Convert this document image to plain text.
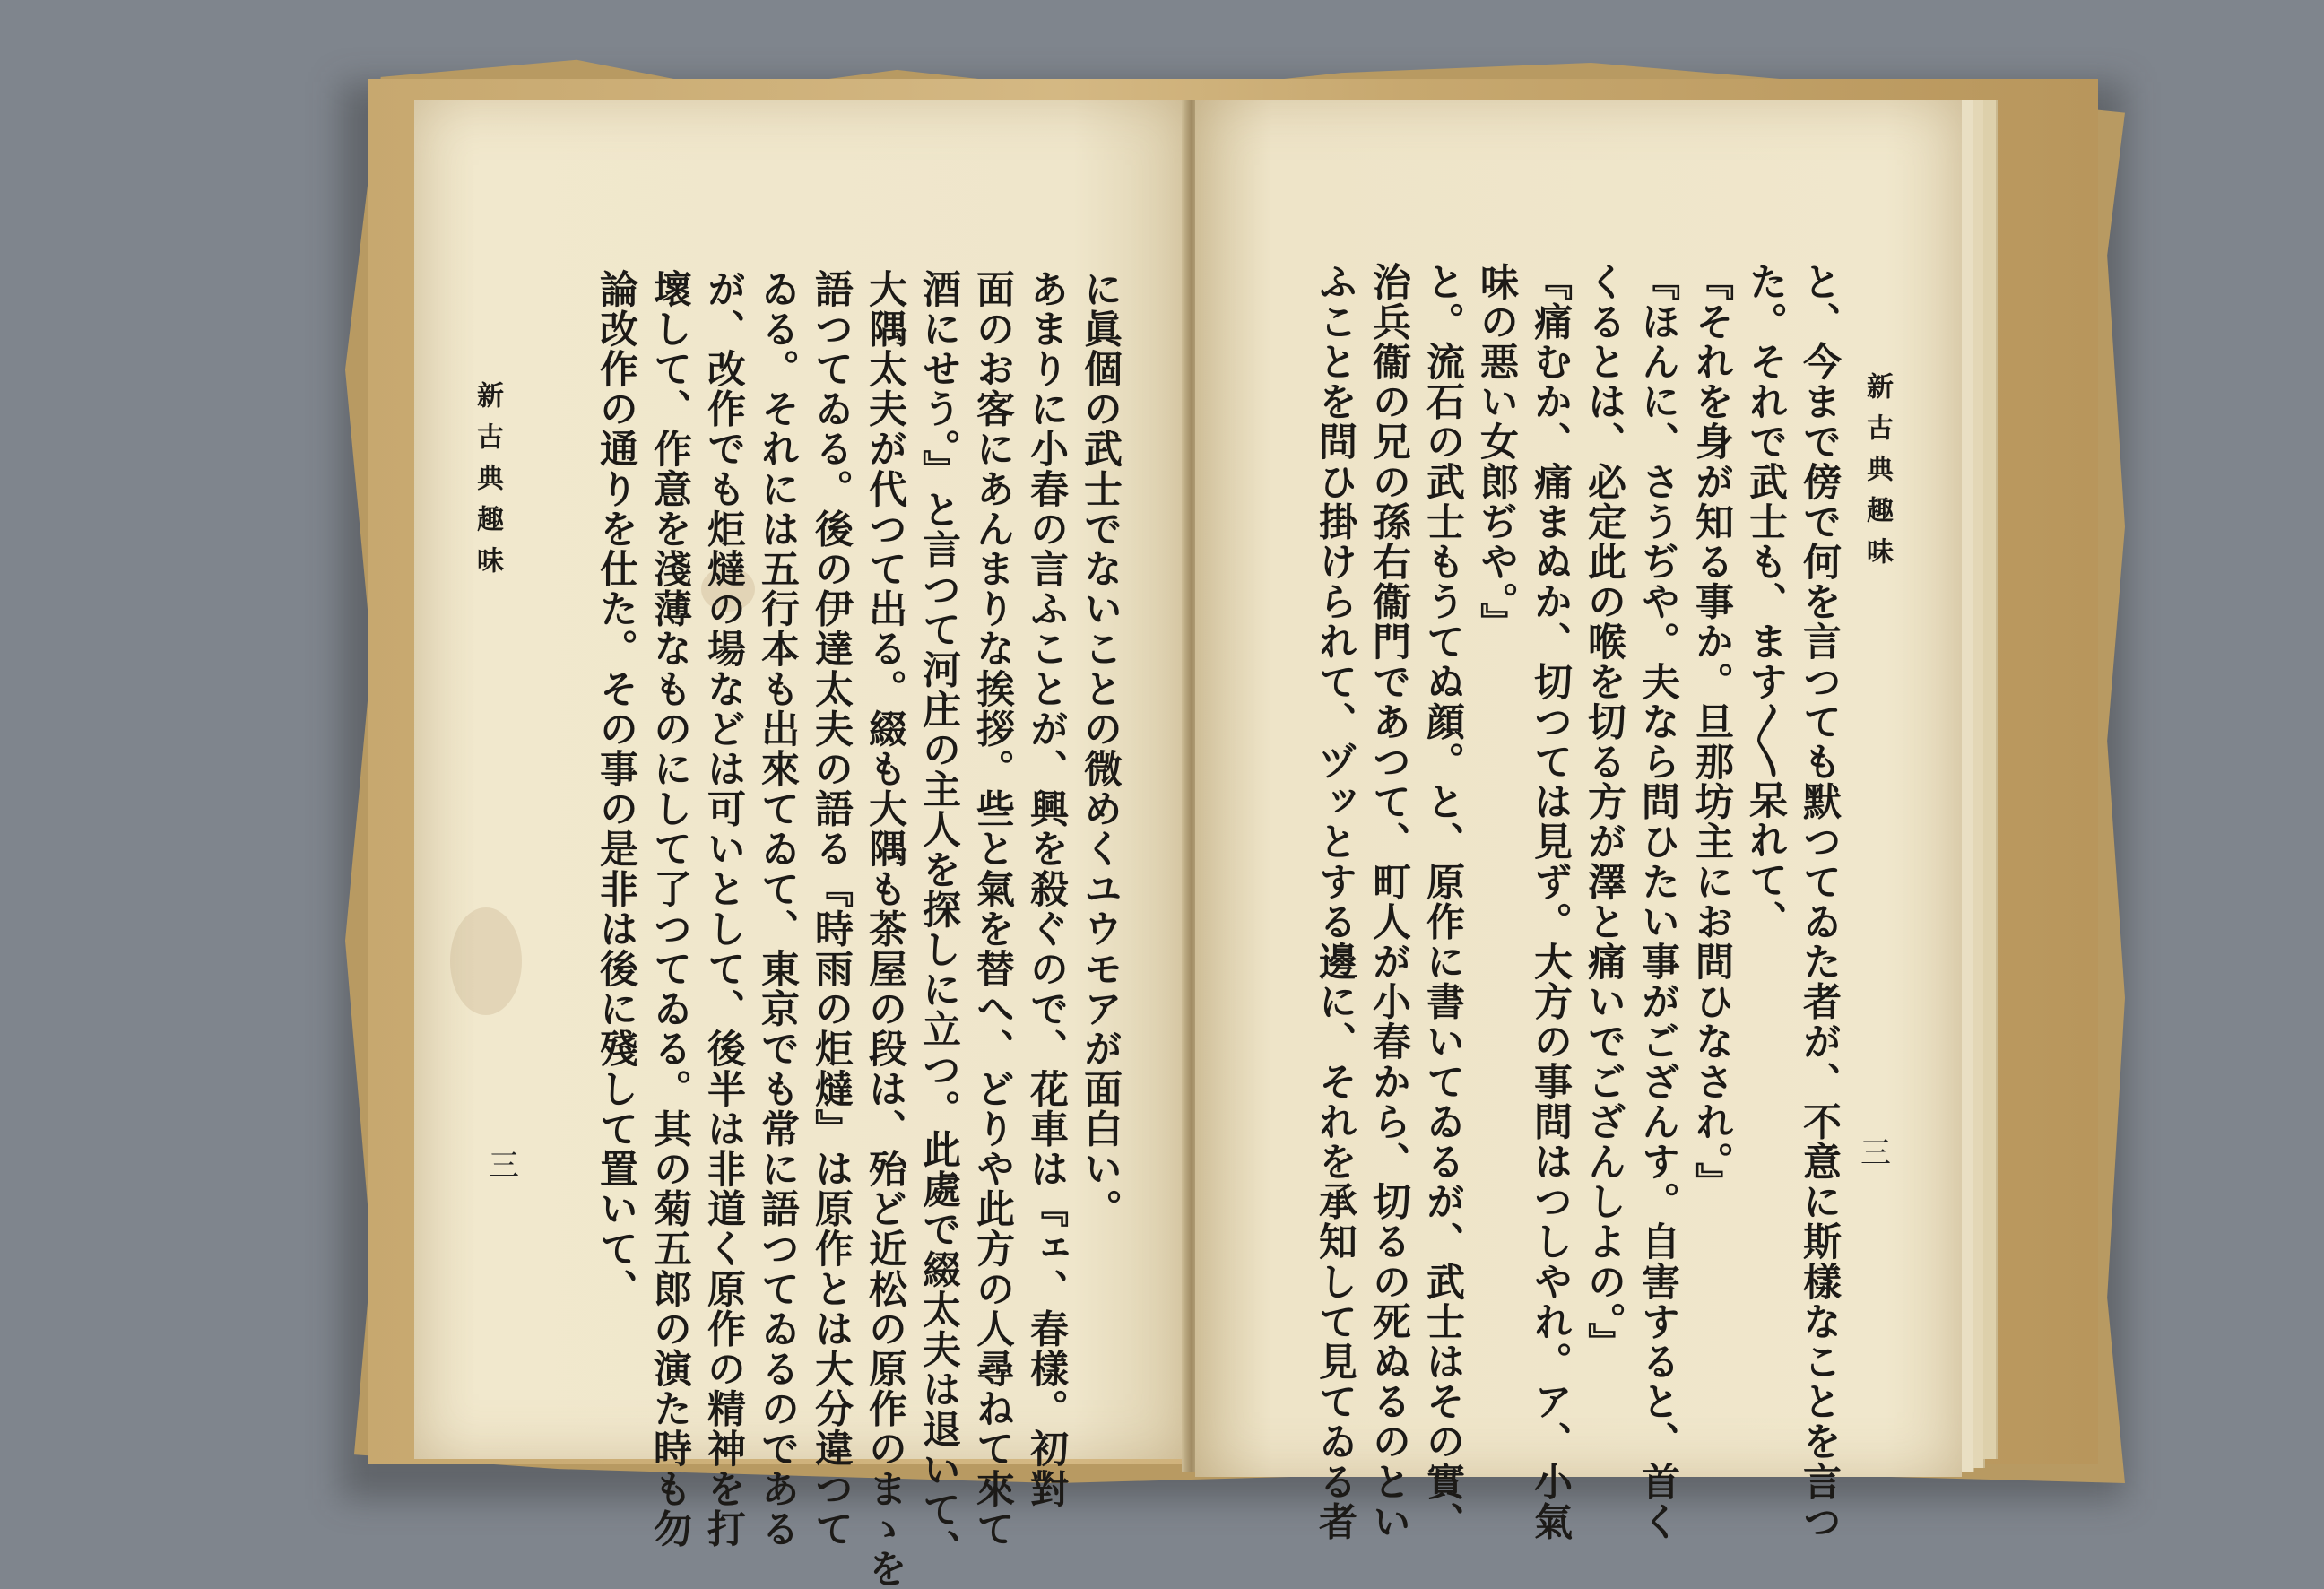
新古典趣味
三
と、今まで傍で何を言つても默つてゐた者が、不意に斯樣なことを言つ
た。それで武士も、ます〳〵呆れて、
『それを身が知る事か。旦那坊主にお問ひなされ。』
『ほんに、さうぢや。夫なら問ひたい事がござんす。自害すると、首く
くるとは、必定此の喉を切る方が澤と痛いでござんしよの。』
『痛むか、痛まぬか、切つては見ず。大方の事問はつしやれ。ア、小氣
味の悪い女郎ぢや。』
と。流石の武士もうてぬ顔。と、原作に書いてゐるが、武士はその實、
治兵衞の兄の孫右衞門であつて、町人が小春から、切るの死ぬるのとい
ふことを問ひ掛けられて、ヅッとする邊に、それを承知して見てゐる者
に眞個の武士でないことの微めくユウモアが面白い。
あまりに小春の言ふことが、興を殺ぐので、花車は『ェ、春樣。初對
面のお客にあんまりな挨拶。些と氣を替へ、どりや此方の人尋ねて來て
酒にせう。』と言つて河庄の主人を探しに立つ。此處で綴太夫は退いて、
大隅太夫が代つて出る。綴も大隅も茶屋の段は、殆ど近松の原作のまゝを
語つてゐる。後の伊達太夫の語る『時雨の炬燵』は原作とは大分違つて
ゐる。それには五行本も出來てゐて、東京でも常に語つてゐるのである
が、改作でも炬燵の場などは可いとして、後半は非道く原作の精神を打
壞して、作意を淺薄なものにして了つてゐる。其の菊五郎の演た時も勿
論改作の通りを仕た。その事の是非は後に殘して置いて、
新古典趣味
三
